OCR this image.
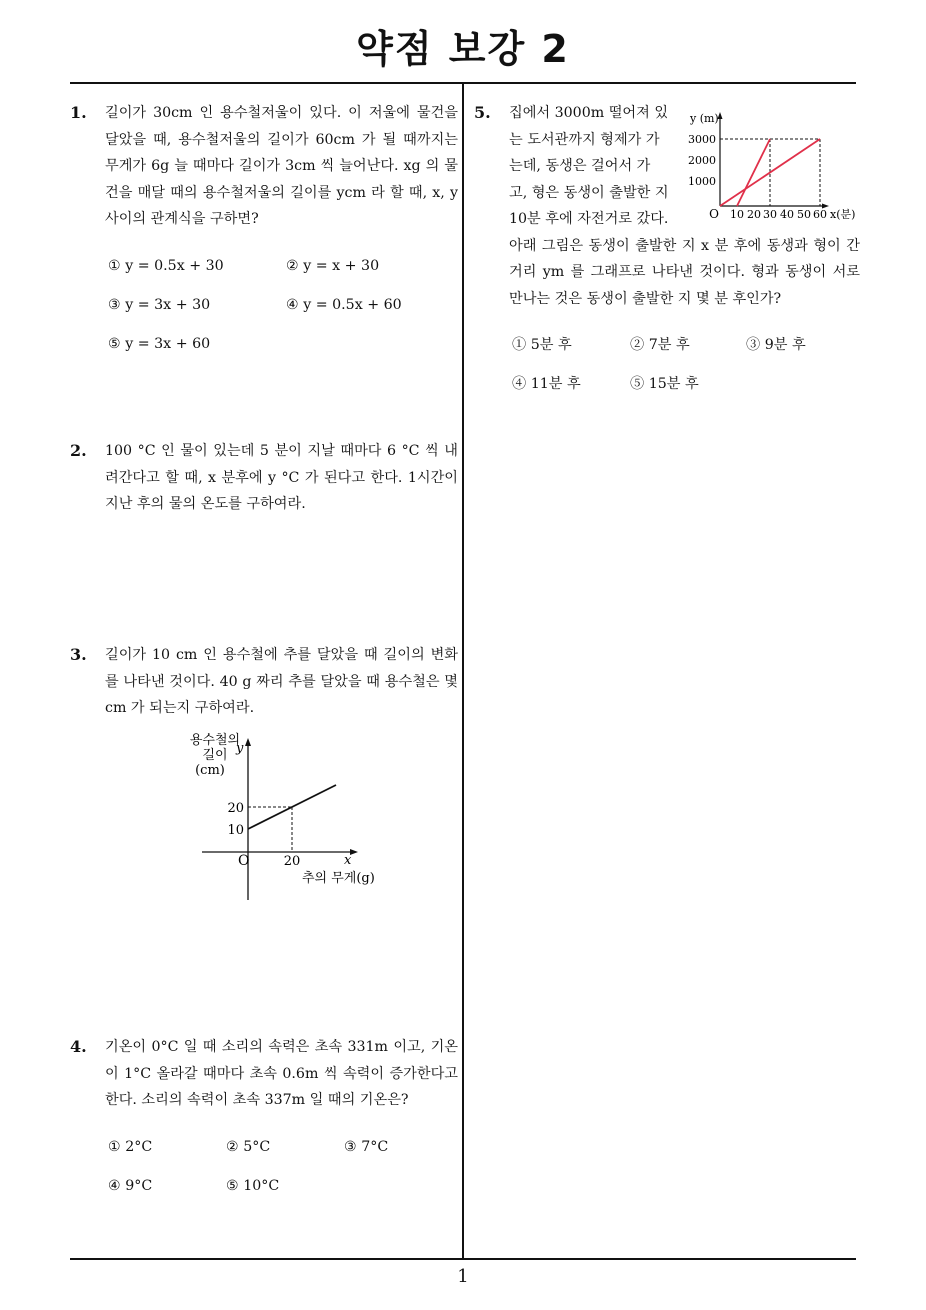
약점 보강 2
1
1. 길이가 30cm 인 용수철저울이 있다. 이 저울에 물건을 달았을 때, 용수철저울의 길이가 60cm 가 될 때까지는 무게가 6g 늘 때마다 길이가 3cm 씩 늘어난다. xg 의 물건을 매달 때의 용수철저울의 길이를 ycm 라 할 때, x, y 사이의 관계식을 구하면?
① y = 0.5x + 30	② y = x + 30
③ y = 3x + 30	④ y = 0.5x + 60
⑤ y = 3x + 60
2. 100 °C 인 물이 있는데 5 분이 지날 때마다 6 °C 씩 내려간다고 할 때, x 분후에 y °C 가 된다고 한다. 1시간이 지난 후의 물의 온도를 구하여라.
3. 길이가 10 cm 인 용수철에 추를 달았을 때 길이의 변화를 나타낸 것이다. 40 g 짜리 추를 달았을 때 용수철은 몇 cm 가 되는지 구하여라.
용수철의
길이
(cm)
y
20
10
O	20	x
추의 무게(g)
4. 기온이 0°C 일 때 소리의 속력은 초속 331m 이고, 기온이 1°C 올라갈 때마다 초속 0.6m 씩 속력이 증가한다고 한다. 소리의 속력이 초속 337m 일 때의 기온은?
① 2°C	② 5°C	③ 7°C
④ 9°C	⑤ 10°C
5. 집에서 3000m 떨어져 있
는 도서관까지 형제가 가
는데, 동생은 걸어서 가
고, 형은 동생이 출발한 지
10분 후에 자전거로 갔다.
아래 그림은 동생이 출발한 지 x 분 후에 동생과 형이 간 거리 ym 를 그래프로 나타낸 것이다. 형과 동생이 서로 만나는 것은 동생이 출발한 지 몇 분 후인가?
y (m)
3000
2000
1000
O 10 20 30 40 50 60 x(분)
① 5분 후	② 7분 후	③ 9분 후
④ 11분 후	⑤ 15분 후
